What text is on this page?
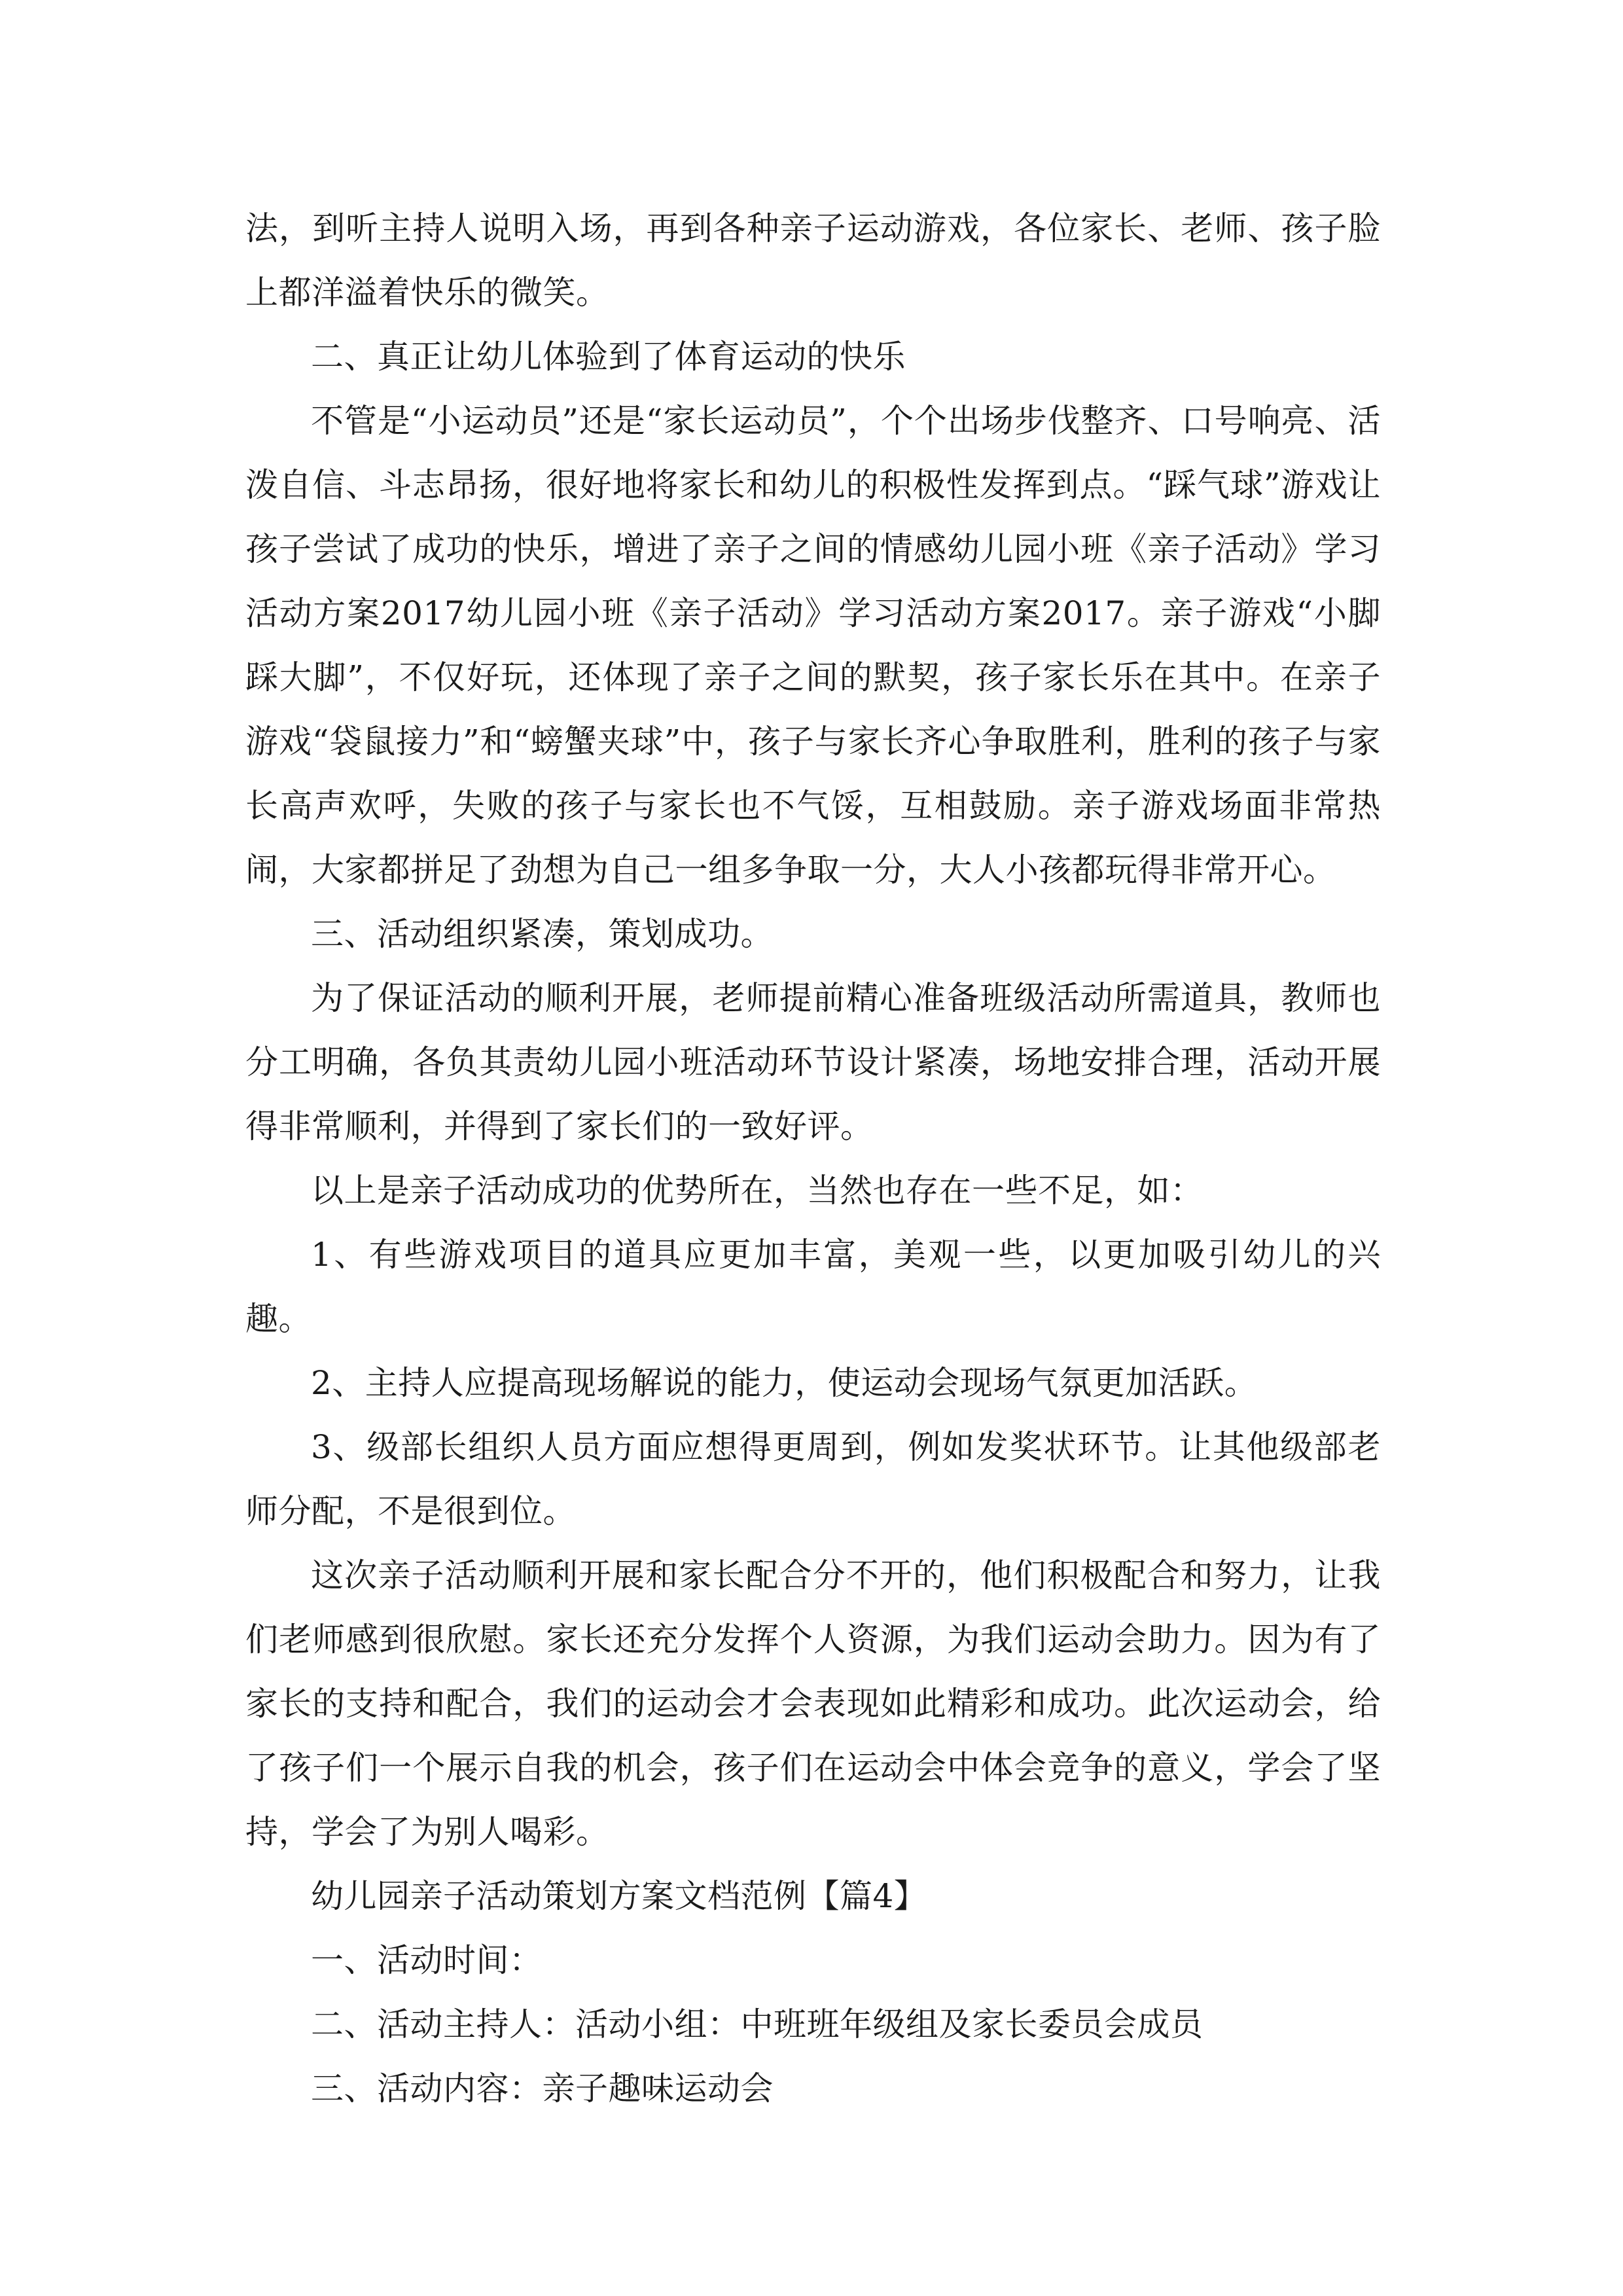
法，到听主持人说明入场，再到各种亲子运动游戏，各位家长、老师、孩子脸上都洋溢着快乐的微笑。

二、真正让幼儿体验到了体育运动的快乐

不管是“小运动员”还是“家长运动员”，个个出场步伐整齐、口号响亮、活泼自信、斗志昂扬，很好地将家长和幼儿的积极性发挥到点。“踩气球”游戏让孩子尝试了成功的快乐，增进了亲子之间的情感幼儿园小班《亲子活动》学习活动方案2017幼儿园小班《亲子活动》学习活动方案2017。亲子游戏“小脚踩大脚”，不仅好玩，还体现了亲子之间的默契，孩子家长乐在其中。在亲子游戏“袋鼠接力”和“螃蟹夹球”中，孩子与家长齐心争取胜利，胜利的孩子与家长高声欢呼，失败的孩子与家长也不气馁，互相鼓励。亲子游戏场面非常热闹，大家都拼足了劲想为自己一组多争取一分，大人小孩都玩得非常开心。

三、活动组织紧凑，策划成功。

为了保证活动的顺利开展，老师提前精心准备班级活动所需道具，教师也分工明确，各负其责幼儿园小班活动环节设计紧凑，场地安排合理，活动开展得非常顺利，并得到了家长们的一致好评。

以上是亲子活动成功的优势所在，当然也存在一些不足，如：

1、有些游戏项目的道具应更加丰富，美观一些，以更加吸引幼儿的兴趣。

2、主持人应提高现场解说的能力，使运动会现场气氛更加活跃。

3、级部长组织人员方面应想得更周到，例如发奖状环节。让其他级部老师分配，不是很到位。

这次亲子活动顺利开展和家长配合分不开的，他们积极配合和努力，让我们老师感到很欣慰。家长还充分发挥个人资源，为我们运动会助力。因为有了家长的支持和配合，我们的运动会才会表现如此精彩和成功。此次运动会，给了孩子们一个展示自我的机会，孩子们在运动会中体会竞争的意义，学会了坚持，学会了为别人喝彩。

幼儿园亲子活动策划方案文档范例【篇4】

一、活动时间：

二、活动主持人：活动小组：中班班年级组及家长委员会成员

三、活动内容：亲子趣味运动会
